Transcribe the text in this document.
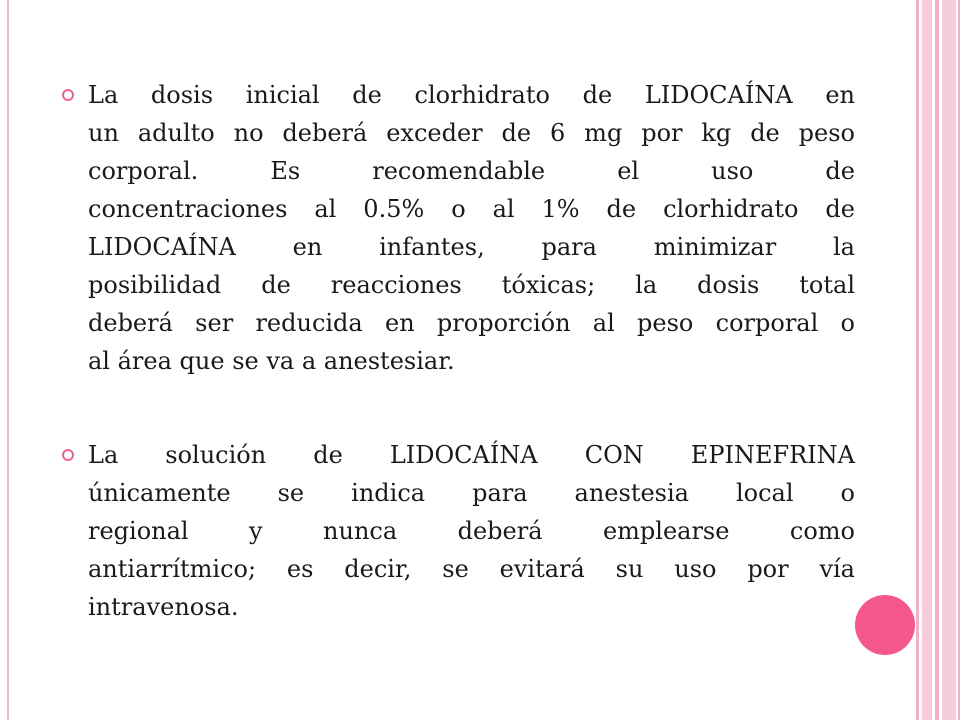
La dosis inicial de clorhidrato de LIDOCAÍNA en
un adulto no deberá exceder de 6 mg por kg de peso
corporal. Es recomendable el uso de
concentraciones al 0.5% o al 1% de clorhidrato de
LIDOCAÍNA en infantes, para minimizar la
posibilidad de reacciones tóxicas; la dosis total
deberá ser reducida en proporción al peso corporal o
al área que se va a anestesiar.
La solución de LIDOCAÍNA CON EPINEFRINA
únicamente se indica para anestesia local o
regional y nunca deberá emplearse como
antiarrítmico; es decir, se evitará su uso por vía
intravenosa.
